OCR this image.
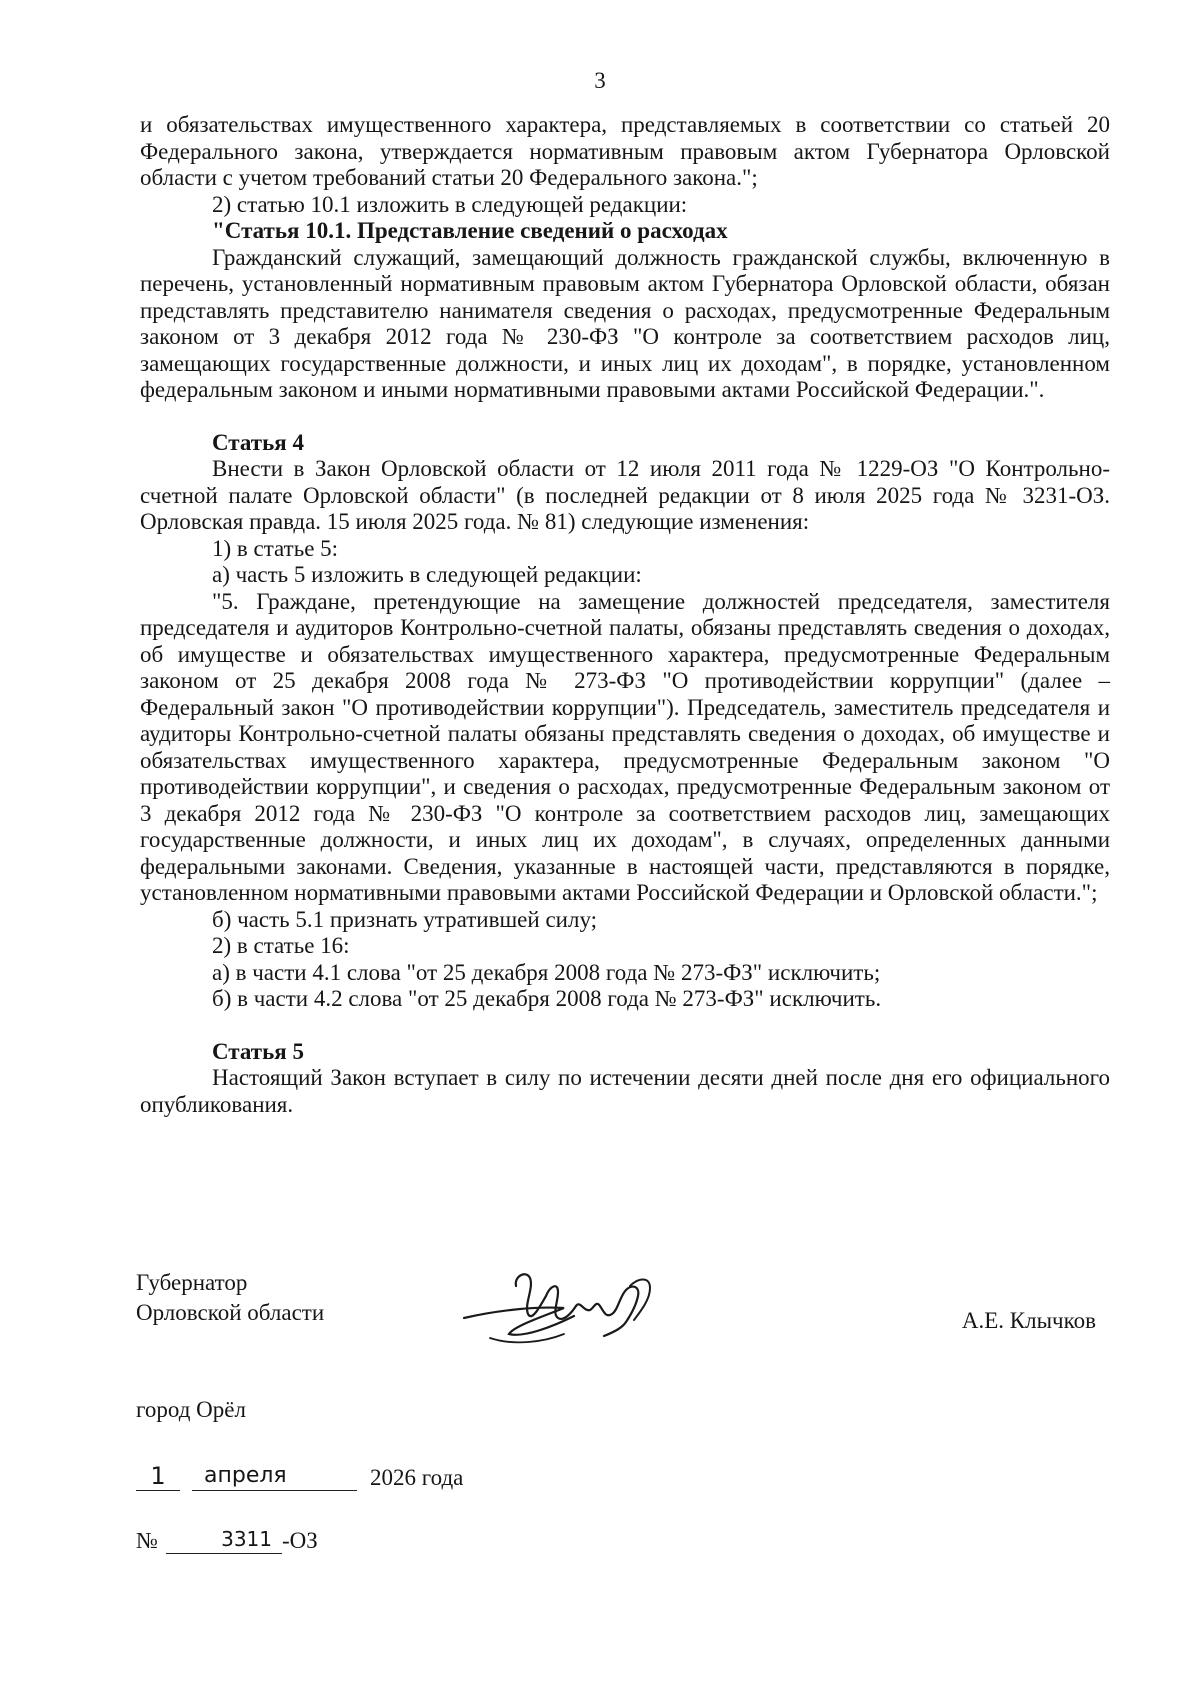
3

и обязательствах имущественного характера, представляемых в соответствии со статьей 20 Федерального закона, утверждается нормативным правовым актом Губернатора Орловской области с учетом требований статьи 20 Федерального закона.";

2) статью 10.1 изложить в следующей редакции:

"Статья 10.1. Представление сведений о расходах

Гражданский служащий, замещающий должность гражданской службы, включенную в перечень, установленный нормативным правовым актом Губернатора Орловской области, обязан представлять представителю нанимателя сведения о расходах, предусмотренные Федеральным законом от 3 декабря 2012 года № 230-ФЗ "О контроле за соответствием расходов лиц, замещающих государственные должности, и иных лиц их доходам", в порядке, установленном федеральным законом и иными нормативными правовыми актами Российской Федерации.".

Статья 4

Внести в Закон Орловской области от 12 июля 2011 года № 1229-ОЗ "О Контрольно-счетной палате Орловской области" (в последней редакции от 8 июля 2025 года № 3231-ОЗ. Орловская правда. 15 июля 2025 года. № 81) следующие изменения:

1) в статье 5:

а) часть 5 изложить в следующей редакции:

"5. Граждане, претендующие на замещение должностей председателя, заместителя председателя и аудиторов Контрольно-счетной палаты, обязаны представлять сведения о доходах, об имуществе и обязательствах имущественного характера, предусмотренные Федеральным законом от 25 декабря 2008 года № 273-ФЗ "О противодействии коррупции" (далее – Федеральный закон "О противодействии коррупции"). Председатель, заместитель председателя и аудиторы Контрольно-счетной палаты обязаны представлять сведения о доходах, об имуществе и обязательствах имущественного характера, предусмотренные Федеральным законом "О противодействии коррупции", и сведения о расходах, предусмотренные Федеральным законом от 3 декабря 2012 года № 230-ФЗ "О контроле за соответствием расходов лиц, замещающих государственные должности, и иных лиц их доходам", в случаях, определенных данными федеральными законами. Сведения, указанные в настоящей части, представляются в порядке, установленном нормативными правовыми актами Российской Федерации и Орловской области.";

б) часть 5.1 признать утратившей силу;

2) в статье 16:

а) в части 4.1 слова "от 25 декабря 2008 года № 273-ФЗ" исключить;

б) в части 4.2 слова "от 25 декабря 2008 года № 273-ФЗ" исключить.

Статья 5

Настоящий Закон вступает в силу по истечении десяти дней после дня его официального опубликования.

Губернатор
Орловской области	А.Е. Клычков
город Орёл
1	апреля	2026 года
№	3311 -ОЗ
